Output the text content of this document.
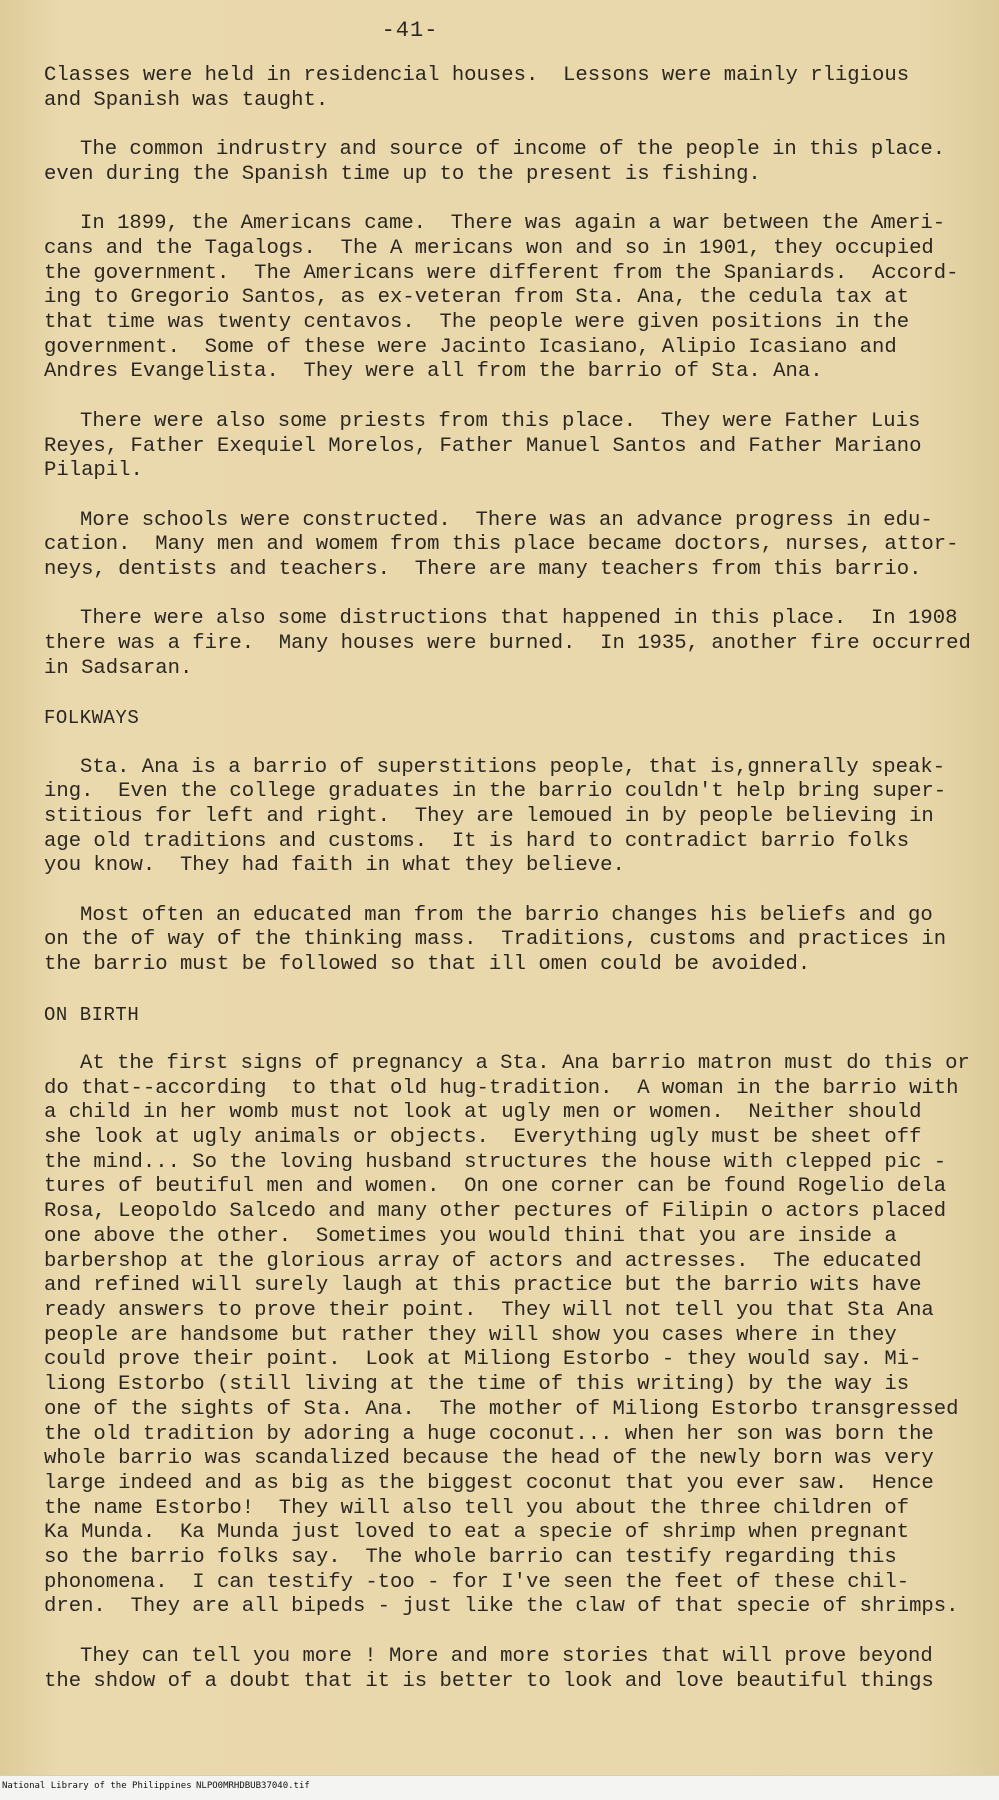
-41-
Classes were held in residencial houses.  Lessons were mainly rligious
and Spanish was taught.
The common indrustry and source of income of the people in this place.
even during the Spanish time up to the present is fishing.
In 1899, the Americans came.  There was again a war between the Ameri-
cans and the Tagalogs.  The A mericans won and so in 1901, they occupied
the government.  The Americans were different from the Spaniards.  Accord-
ing to Gregorio Santos, as ex-veteran from Sta. Ana, the cedula tax at
that time was twenty centavos.  The people were given positions in the
government.  Some of these were Jacinto Icasiano, Alipio Icasiano and
Andres Evangelista.  They were all from the barrio of Sta. Ana.
There were also some priests from this place.  They were Father Luis
Reyes, Father Exequiel Morelos, Father Manuel Santos and Father Mariano
Pilapil.
More schools were constructed.  There was an advance progress in edu-
cation.  Many men and womem from this place became doctors, nurses, attor-
neys, dentists and teachers.  There are many teachers from this barrio.
There were also some distructions that happened in this place.  In 1908
there was a fire.  Many houses were burned.  In 1935, another fire occurred
in Sadsaran.
FOLKWAYS
Sta. Ana is a barrio of superstitions people, that is,gnnerally speak-
ing.  Even the college graduates in the barrio couldn't help bring super-
stitious for left and right.  They are lemoued in by people believing in
age old traditions and customs.  It is hard to contradict barrio folks
you know.  They had faith in what they believe.
Most often an educated man from the barrio changes his beliefs and go
on the of way of the thinking mass.  Traditions, customs and practices in
the barrio must be followed so that ill omen could be avoided.
ON BIRTH
At the first signs of pregnancy a Sta. Ana barrio matron must do this or
do that--according  to that old hug-tradition.  A woman in the barrio with
a child in her womb must not look at ugly men or women.  Neither should
she look at ugly animals or objects.  Everything ugly must be sheet off
the mind... So the loving husband structures the house with clepped pic -
tures of beutiful men and women.  On one corner can be found Rogelio dela
Rosa, Leopoldo Salcedo and many other pectures of Filipin o actors placed
one above the other.  Sometimes you would thini that you are inside a
barbershop at the glorious array of actors and actresses.  The educated
and refined will surely laugh at this practice but the barrio wits have
ready answers to prove their point.  They will not tell you that Sta Ana
people are handsome but rather they will show you cases where in they
could prove their point.  Look at Miliong Estorbo - they would say. Mi-
liong Estorbo (still living at the time of this writing) by the way is
one of the sights of Sta. Ana.  The mother of Miliong Estorbo transgressed
the old tradition by adoring a huge coconut... when her son was born the
whole barrio was scandalized because the head of the newly born was very
large indeed and as big as the biggest coconut that you ever saw.  Hence
the name Estorbo!  They will also tell you about the three children of
Ka Munda.  Ka Munda just loved to eat a specie of shrimp when pregnant
so the barrio folks say.  The whole barrio can testify regarding this
phonomena.  I can testify -too - for I've seen the feet of these chil-
dren.  They are all bipeds - just like the claw of that specie of shrimps.
They can tell you more ! More and more stories that will prove beyond
the shdow of a doubt that it is better to look and love beautiful things
National Library of the Philippines NLPO0MRHDBUB37040.tif
